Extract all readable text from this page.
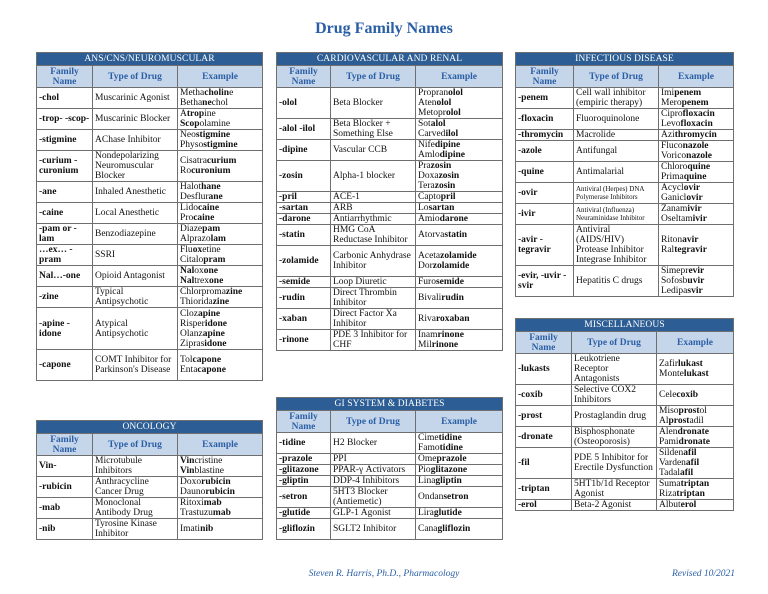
Drug Family Names
ANS/CNS/NEUROMUSCULAR		
Family Name	Type of Drug	Example
-chol	Muscarinic Agonist	Methacholine
Bethanechol

-trop- -scop-	Muscarinic Blocker	Atropine
Scopolamine

-stigmine	AChase Inhibitor	Neostigmine
Physostigmine

-curium -curonium	Nondepolarizing Neuromuscular Blocker	Cisatracurium
Rocuronium

-ane	Inhaled Anesthetic	Halothane
Desflurane

-caine	Local Anesthetic	Lidocaine
Procaine

-pam or -lam	Benzodiazepine	Diazepam
Alprazolam

…ex… -pram	SSRI	Fluoxetine
Citalopram

Nal…-one	Opioid Antagonist	Naloxone
Naltrexone

-zine	Typical Antipsychotic	Chlorpromazine
Thioridazine

-apine -idone	Atypical Antipsychotic	Clozapine
Risperidone
Olanzapine
Ziprasidone

-capone	COMT Inhibitor for Parkinson's Disease	Tolcapone
Entacapone
ONCOLOGY		
Family Name	Type of Drug	Example
Vin-	Microtubule Inhibitors	Vincristine
Vinblastine

-rubicin	Anthracycline Cancer Drug	Doxorubicin
Daunorubicin

-mab	Monoclonal Antibody Drug	Ritoximab
Trastuzumab

-nib	Tyrosine Kinase Inhibitor	Imatinib
CARDIOVASCULAR AND RENAL		
Family Name	Type of Drug	Example
-olol	Beta Blocker	Propranolol
Atenolol
Metoprolol

-alol -ilol	Beta Blocker + Something Else	Sotalol
Carvedilol

-dipine	Vascular CCB	Nifedipine
Amlodipine

-zosin	Alpha-1 blocker	Prazosin
Doxazosin
Terazosin

-pril	ACE-1	Captopril

-sartan	ARB	Losartan

-darone	Antiarrhythmic	Amiodarone

-statin	HMG CoA Reductase Inhibitor	Atorvastatin

-zolamide	Carbonic Anhydrase Inhibitor	Acetazolamide
Dorzolamide

-semide	Loop Diuretic	Furosemide

-rudin	Direct Thrombin Inhibitor	Bivalirudin

-xaban	Direct Factor Xa Inhibitor	Rivaroxaban

-rinone	PDE 3 Inhibitor for CHF	Inamrinone
Milrinone
GI SYSTEM & DIABETES		
Family Name	Type of Drug	Example
-tidine	H2 Blocker	Cimetidine
Famotidine

-prazole	PPI	Omeprazole

-glitazone	PPAR-γ Activators	Pioglitazone

-gliptin	DDP-4 Inhibitors	Linagliptin

-setron	5HT3 Blocker (Antiemetic)	Ondansetron

-glutide	GLP-1 Agonist	Liraglutide

-gliflozin	SGLT2 Inhibitor	Canagliflozin
INFECTIOUS DISEASE		
Family Name	Type of Drug	Example
-penem	Cell wall inhibitor (empiric therapy)	Imipenem
Meropenem

-floxacin	Fluoroquinolone	Ciprofloxacin
Levofloxacin

-thromycin	Macrolide	Azithromycin

-azole	Antifungal	Fluconazole
Voriconazole

-quine	Antimalarial	Chloroquine
Primaquine

-ovir	Antiviral (Herpes) DNA Polymerase Inhibitors	Acyclovir
Ganiclovir

-ivir	Antiviral (Influenza) Neuraminidase Inhibitor	Zanamivir
Oseltamivir

-avir -tegravir	Antiviral (AIDS/HIV) Protease Inhibitor Integrase Inhibitor	Ritonavir
Raltegravir

-evir, -uvir -svir	Hepatitis C drugs	Simeprevir
Sofosbuvir
Ledipasvir
MISCELLANEOUS		
Family Name	Type of Drug	Example
-lukasts	Leukotriene Receptor Antagonists	Zafirlukast
Montelukast

-coxib	Selective COX2 Inhibitors	Celecoxib

-prost	Prostaglandin drug	Misoprostol
Alprostadil

-dronate	Bisphosphonate (Osteoporosis)	Alendronate
Pamidronate

-fil	PDE 5 Inhibitor for Erectile Dysfunction	Sildenafil
Vardenafil
Tadalafil

-triptan	5HT1b/1d Receptor Agonist	Sumatriptan
Rizatriptan

-erol	Beta-2 Agonist	Albuterol
Steven R. Harris, Ph.D., Pharmacology	Revised 10/2021
